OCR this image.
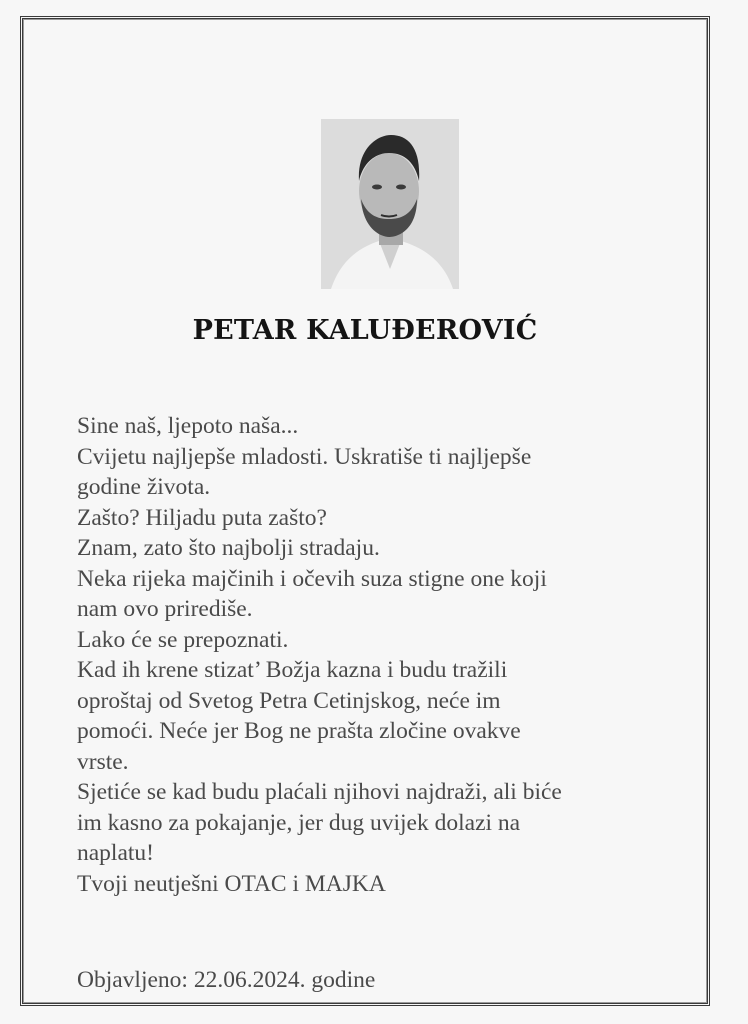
PETAR KALUĐEROVIĆ
Sine naš, ljepoto naša...
Cvijetu najljepše mladosti. Uskratiše ti najljepše
godine života.
Zašto? Hiljadu puta zašto?
Znam, zato što najbolji stradaju.
Neka rijeka majčinih i očevih suza stigne one koji
nam ovo prirediše.
Lako će se prepoznati.
Kad ih krene stizat’ Božja kazna i budu tražili
oproštaj od Svetog Petra Cetinjskog, neće im
pomoći. Neće jer Bog ne prašta zločine ovakve
vrste.
Sjetiće se kad budu plaćali njihovi najdraži, ali biće
im kasno za pokajanje, jer dug uvijek dolazi na
naplatu!
Tvoji neutješni OTAC i MAJKA
Objavljeno: 22.06.2024. godine
